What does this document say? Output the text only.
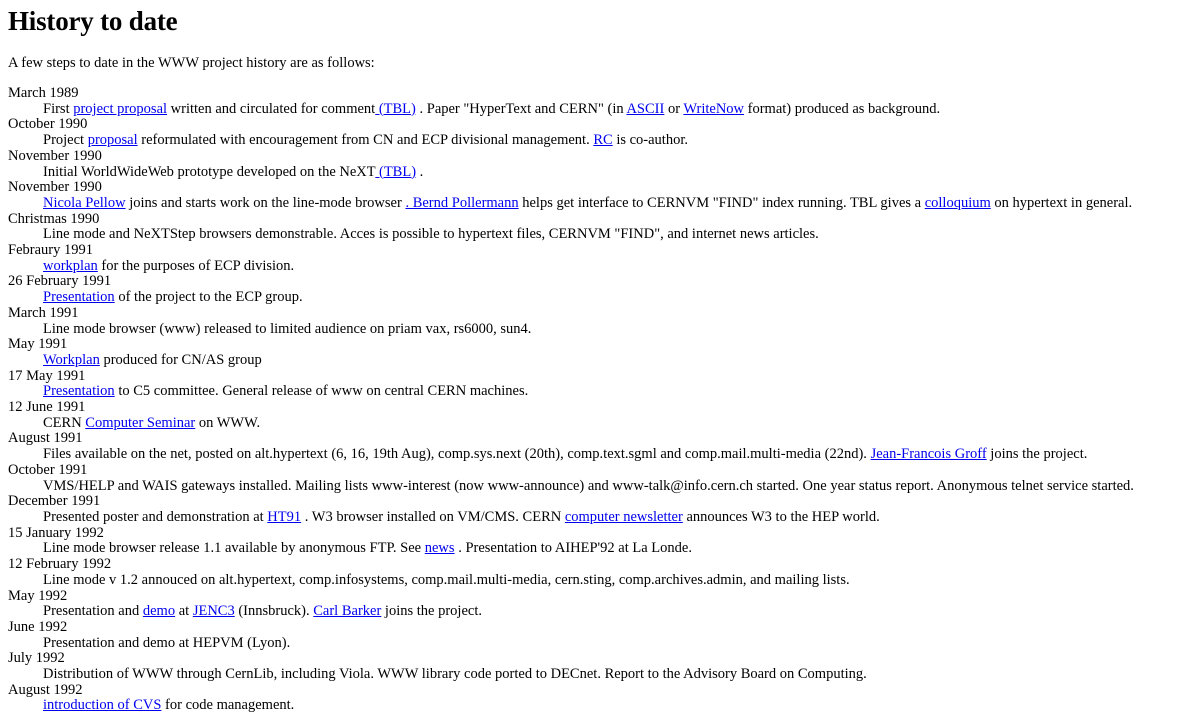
History to date

A few steps to date in the WWW project history are as follows:

March 1989
First project proposal written and circulated for comment (TBL) . Paper "HyperText and CERN" (in ASCII or WriteNow format) produced as background.
October 1990
Project proposal reformulated with encouragement from CN and ECP divisional management. RC is co-author.
November 1990
Initial WorldWideWeb prototype developed on the NeXT (TBL) .
November 1990
Nicola Pellow joins and starts work on the line-mode browser . Bernd Pollermann helps get interface to CERNVM "FIND" index running. TBL gives a colloquium on hypertext in general.
Christmas 1990
Line mode and NeXTStep browsers demonstrable. Acces is possible to hypertext files, CERNVM "FIND", and internet news articles.
Febraury 1991
workplan for the purposes of ECP division.
26 February 1991
Presentation of the project to the ECP group.
March 1991
Line mode browser (www) released to limited audience on priam vax, rs6000, sun4.
May 1991
Workplan produced for CN/AS group
17 May 1991
Presentation to C5 committee. General release of www on central CERN machines.
12 June 1991
CERN Computer Seminar on WWW.
August 1991
Files available on the net, posted on alt.hypertext (6, 16, 19th Aug), comp.sys.next (20th), comp.text.sgml and comp.mail.multi-media (22nd). Jean-Francois Groff joins the project.
October 1991
VMS/HELP and WAIS gateways installed. Mailing lists www-interest (now www-announce) and www-talk@info.cern.ch started. One year status report. Anonymous telnet service started.
December 1991
Presented poster and demonstration at HT91 . W3 browser installed on VM/CMS. CERN computer newsletter announces W3 to the HEP world.
15 January 1992
Line mode browser release 1.1 available by anonymous FTP. See news . Presentation to AIHEP'92 at La Londe.
12 February 1992
Line mode v 1.2 annouced on alt.hypertext, comp.infosystems, comp.mail.multi-media, cern.sting, comp.archives.admin, and mailing lists.
May 1992
Presentation and demo at JENC3 (Innsbruck). Carl Barker joins the project.
June 1992
Presentation and demo at HEPVM (Lyon).
July 1992
Distribution of WWW through CernLib, including Viola. WWW library code ported to DECnet. Report to the Advisory Board on Computing.
August 1992
introduction of CVS for code management.
